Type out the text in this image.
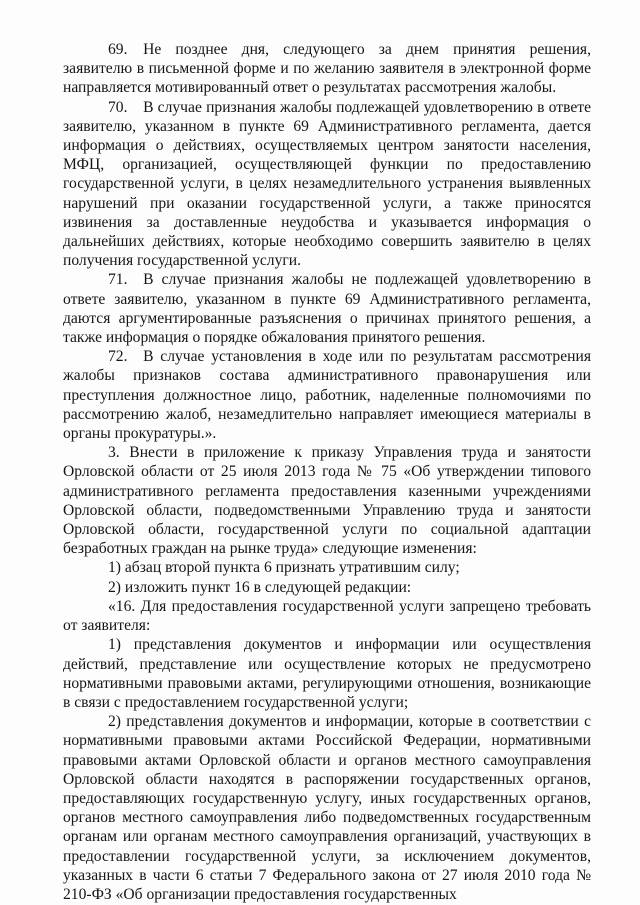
69. Не позднее дня, следующего за днем принятия решения, заявителю в письменной форме и по желанию заявителя в электронной форме направляется мотивированный ответ о результатах рассмотрения жалобы.

70. В случае признания жалобы подлежащей удовлетворению в ответе заявителю, указанном в пункте 69 Административного регламента, дается информация о действиях, осуществляемых центром занятости населения, МФЦ, организацией, осуществляющей функции по предоставлению государственной услуги, в целях незамедлительного устранения выявленных нарушений при оказании государственной услуги, а также приносятся извинения за доставленные неудобства и указывается информация о дальнейших действиях, которые необходимо совершить заявителю в целях получения государственной услуги.

71. В случае признания жалобы не подлежащей удовлетворению в ответе заявителю, указанном в пункте 69 Административного регламента, даются аргументированные разъяснения о причинах принятого решения, а также информация о порядке обжалования принятого решения.

72. В случае установления в ходе или по результатам рассмотрения жалобы признаков состава административного правонарушения или преступления должностное лицо, работник, наделенные полномочиями по рассмотрению жалоб, незамедлительно направляет имеющиеся материалы в органы прокуратуры.».

3. Внести в приложение к приказу Управления труда и занятости Орловской области от 25 июля 2013 года № 75 «Об утверждении типового административного регламента предоставления казенными учреждениями Орловской области, подведомственными Управлению труда и занятости Орловской области, государственной услуги по социальной адаптации безработных граждан на рынке труда» следующие изменения:

1) абзац второй пункта 6 признать утратившим силу;

2) изложить пункт 16 в следующей редакции:

«16. Для предоставления государственной услуги запрещено требовать от заявителя:

1) представления документов и информации или осуществления действий, представление или осуществление которых не предусмотрено нормативными правовыми актами, регулирующими отношения, возникающие в связи с предоставлением государственной услуги;

2) представления документов и информации, которые в соответствии с нормативными правовыми актами Российской Федерации, нормативными правовыми актами Орловской области и органов местного самоуправления Орловской области находятся в распоряжении государственных органов, предоставляющих государственную услугу, иных государственных органов, органов местного самоуправления либо подведомственных государственным органам или органам местного самоуправления организаций, участвующих в предоставлении государственной услуги, за исключением документов, указанных в части 6 статьи 7 Федерального закона от 27 июля 2010 года № 210-ФЗ «Об организации предоставления государственных
